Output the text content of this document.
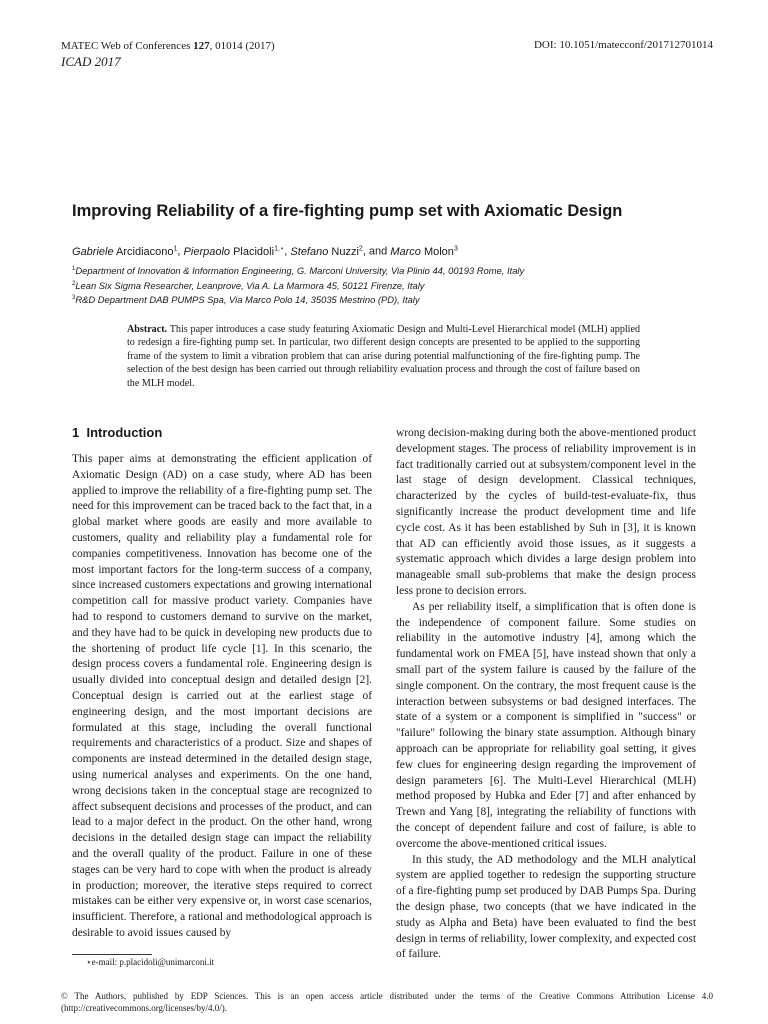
MATEC Web of Conferences 127, 01014 (2017)
ICAD 2017
DOI: 10.1051/matecconf/201712701014
Improving Reliability of a fire-fighting pump set with Axiomatic Design
Gabriele Arcidiacono$^1$, Pierpaolo Placidoli$^{1,⋆}$, Stefano Nuzzi$^2$, and Marco Molon$^3$
$^1$Department of Innovation & Information Engineering, G. Marconi University, Via Plinio 44, 00193 Rome, Italy
$^2$Lean Six Sigma Researcher, Leanprove, Via A. La Marmora 45, 50121 Firenze, Italy
$^3$R&D Department DAB PUMPS Spa, Via Marco Polo 14, 35035 Mestrino (PD), Italy
Abstract. This paper introduces a case study featuring Axiomatic Design and Multi-Level Hierarchical model (MLH) applied to redesign a fire-fighting pump set. In particular, two different design concepts are presented to be applied to the supporting frame of the system to limit a vibration problem that can arise during potential malfunctioning of the fire-fighting pump. The selection of the best design has been carried out through reliability evaluation process and through the cost of failure based on the MLH model.
1 Introduction

This paper aims at demonstrating the efficient application of Axiomatic Design (AD) on a case study, where AD has been applied to improve the reliability of a fire-fighting pump set. The need for this improvement can be traced back to the fact that, in a global market where goods are easily and more available to customers, quality and reliability play a fundamental role for companies competitiveness. Innovation has become one of the most important factors for the long-term success of a company, since increased customers expectations and growing international competition call for massive product variety. Companies have had to respond to customers demand to survive on the market, and they have had to be quick in developing new products due to the shortening of product life cycle [1]. In this scenario, the design process covers a fundamental role. Engineering design is usually divided into conceptual design and detailed design [2]. Conceptual design is carried out at the earliest stage of engineering design, and the most important decisions are formulated at this stage, including the overall functional requirements and characteristics of a product. Size and shapes of components are instead determined in the detailed design stage, using numerical analyses and experiments. On the one hand, wrong decisions taken in the conceptual stage are recognized to affect subsequent decisions and processes of the product, and can lead to a major defect in the product. On the other hand, wrong decisions in the detailed design stage can impact the reliability and the overall quality of the product. Failure in one of these stages can be very hard to cope with when the product is already in production; moreover, the iterative steps required to correct mistakes can be either very expensive or, in worst case scenarios, insufficient. Therefore, a rational and methodological approach is desirable to avoid issues caused by

wrong decision-making during both the above-mentioned product development stages. The process of reliability improvement is in fact traditionally carried out at subsystem/component level in the last stage of design development. Classical techniques, characterized by the cycles of build-test-evaluate-fix, thus significantly increase the product development time and life cycle cost. As it has been established by Suh in [3], it is known that AD can efficiently avoid those issues, as it suggests a systematic approach which divides a large design problem into manageable small sub-problems that make the design process less prone to decision errors.

As per reliability itself, a simplification that is often done is the independence of component failure. Some studies on reliability in the automotive industry [4], among which the fundamental work on FMEA [5], have instead shown that only a small part of the system failure is caused by the failure of the single component. On the contrary, the most frequent cause is the interaction between subsystems or bad designed interfaces. The state of a system or a component is simplified in "success" or "failure" following the binary state assumption. Although binary approach can be appropriate for reliability goal setting, it gives few clues for engineering design regarding the improvement of design parameters [6]. The Multi-Level Hierarchical (MLH) method proposed by Hubka and Eder [7] and after enhanced by Trewn and Yang [8], integrating the reliability of functions with the concept of dependent failure and cost of failure, is able to overcome the above-mentioned critical issues.

In this study, the AD methodology and the MLH analytical system are applied together to redesign the supporting structure of a fire-fighting pump set produced by DAB Pumps Spa. During the design phase, two concepts (that we have indicated in the study as Alpha and Beta) have been evaluated to find the best design in terms of reliability, lower complexity, and expected cost of failure.

⋆e-mail: p.placidoli@unimarconi.it
© The Authors, published by EDP Sciences. This is an open access article distributed under the terms of the Creative Commons Attribution License 4.0 (http://creativecommons.org/licenses/by/4.0/).
